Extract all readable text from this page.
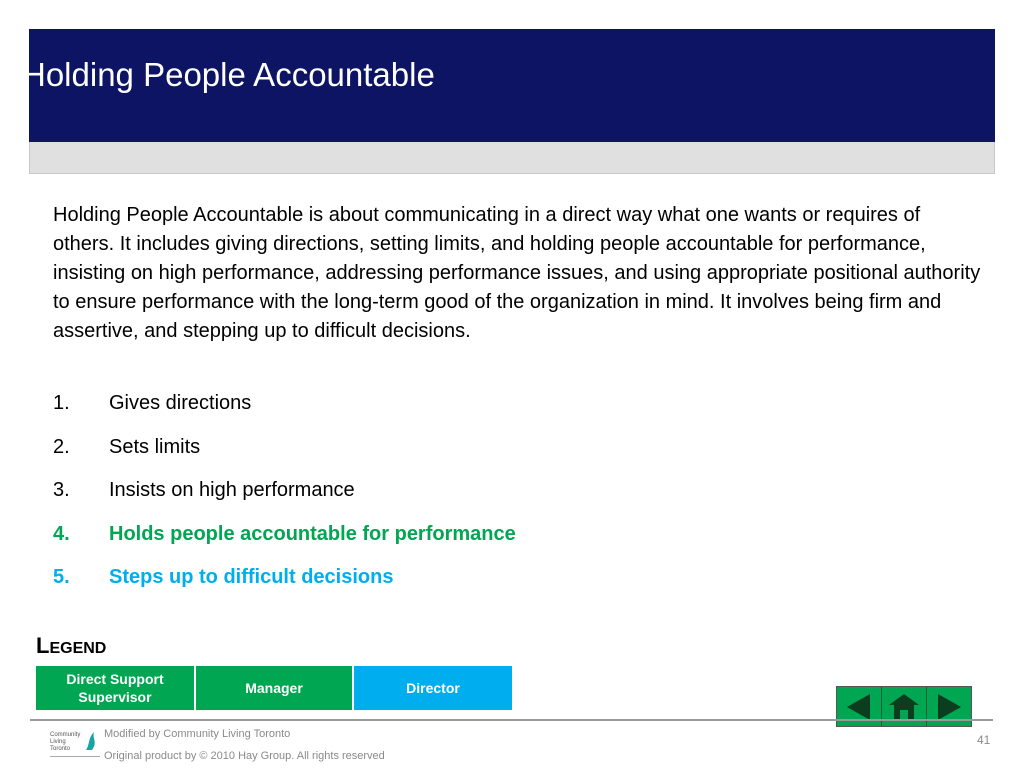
Holding People Accountable

Holding People Accountable is about communicating in a direct way what one wants or requires of others. It includes giving directions, setting limits, and holding people accountable for performance, insisting on high performance, addressing performance issues, and using appropriate positional authority to ensure performance with the long-term good of the organization in mind. It involves being firm and assertive, and stepping up to difficult decisions.

1. Gives directions
2. Sets limits
3. Insists on high performance
4. Holds people accountable for performance
5. Steps up to difficult decisions
LEGEND
Direct Support Supervisor
Manager	Director
Community
Living
Toronto
Modified by Community Living Toronto
Original product by © 2010 Hay Group. All rights reserved
41
